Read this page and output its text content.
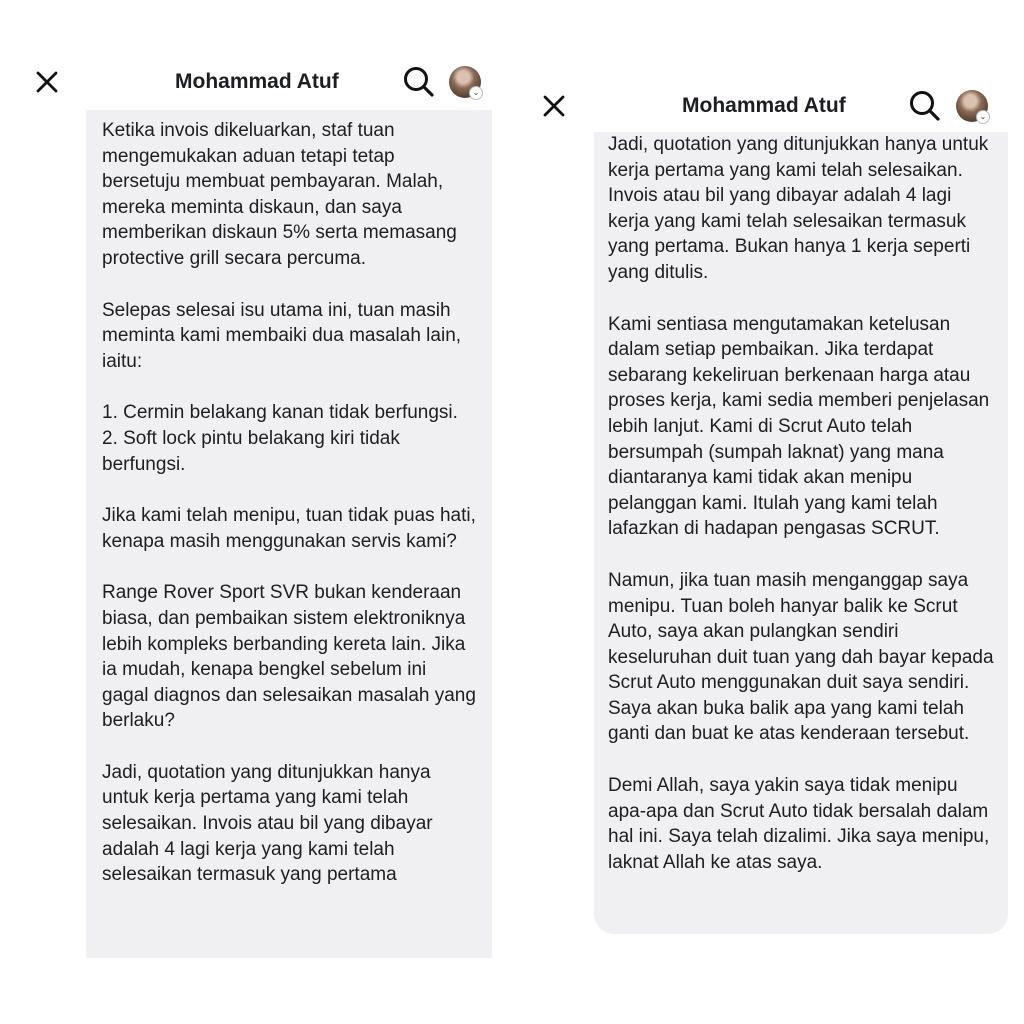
Mohammad Atuf	⌄

Ketika invois dikeluarkan, staf tuan mengemukakan aduan tetapi tetap bersetuju membuat pembayaran. Malah, mereka meminta diskaun, dan saya memberikan diskaun 5% serta memasang protective grill secara percuma.

Selepas selesai isu utama ini, tuan masih meminta kami membaiki dua masalah lain, iaitu:

1. Cermin belakang kanan tidak berfungsi.
2. Soft lock pintu belakang kiri tidak berfungsi.

Jika kami telah menipu, tuan tidak puas hati, kenapa masih menggunakan servis kami?

Range Rover Sport SVR bukan kenderaan biasa, dan pembaikan sistem elektroniknya lebih kompleks berbanding kereta lain. Jika ia mudah, kenapa bengkel sebelum ini gagal diagnos dan selesaikan masalah yang berlaku?

Jadi, quotation yang ditunjukkan hanya untuk kerja pertama yang kami telah selesaikan. Invois atau bil yang dibayar adalah 4 lagi kerja yang kami telah selesaikan termasuk yang pertama

Mohammad Atuf	⌄

Jadi, quotation yang ditunjukkan hanya untuk kerja pertama yang kami telah selesaikan. Invois atau bil yang dibayar adalah 4 lagi kerja yang kami telah selesaikan termasuk yang pertama. Bukan hanya 1 kerja seperti yang ditulis.

Kami sentiasa mengutamakan ketelusan dalam setiap pembaikan. Jika terdapat sebarang kekeliruan berkenaan harga atau proses kerja, kami sedia memberi penjelasan lebih lanjut. Kami di Scrut Auto telah bersumpah (sumpah laknat) yang mana diantaranya kami tidak akan menipu pelanggan kami. Itulah yang kami telah lafazkan di hadapan pengasas SCRUT.

Namun, jika tuan masih menganggap saya menipu. Tuan boleh hanyar balik ke Scrut Auto, saya akan pulangkan sendiri keseluruhan duit tuan yang dah bayar kepada Scrut Auto menggunakan duit saya sendiri. Saya akan buka balik apa yang kami telah ganti dan buat ke atas kenderaan tersebut.

Demi Allah, saya yakin saya tidak menipu apa-apa dan Scrut Auto tidak bersalah dalam hal ini. Saya telah dizalimi. Jika saya menipu, laknat Allah ke atas saya.
